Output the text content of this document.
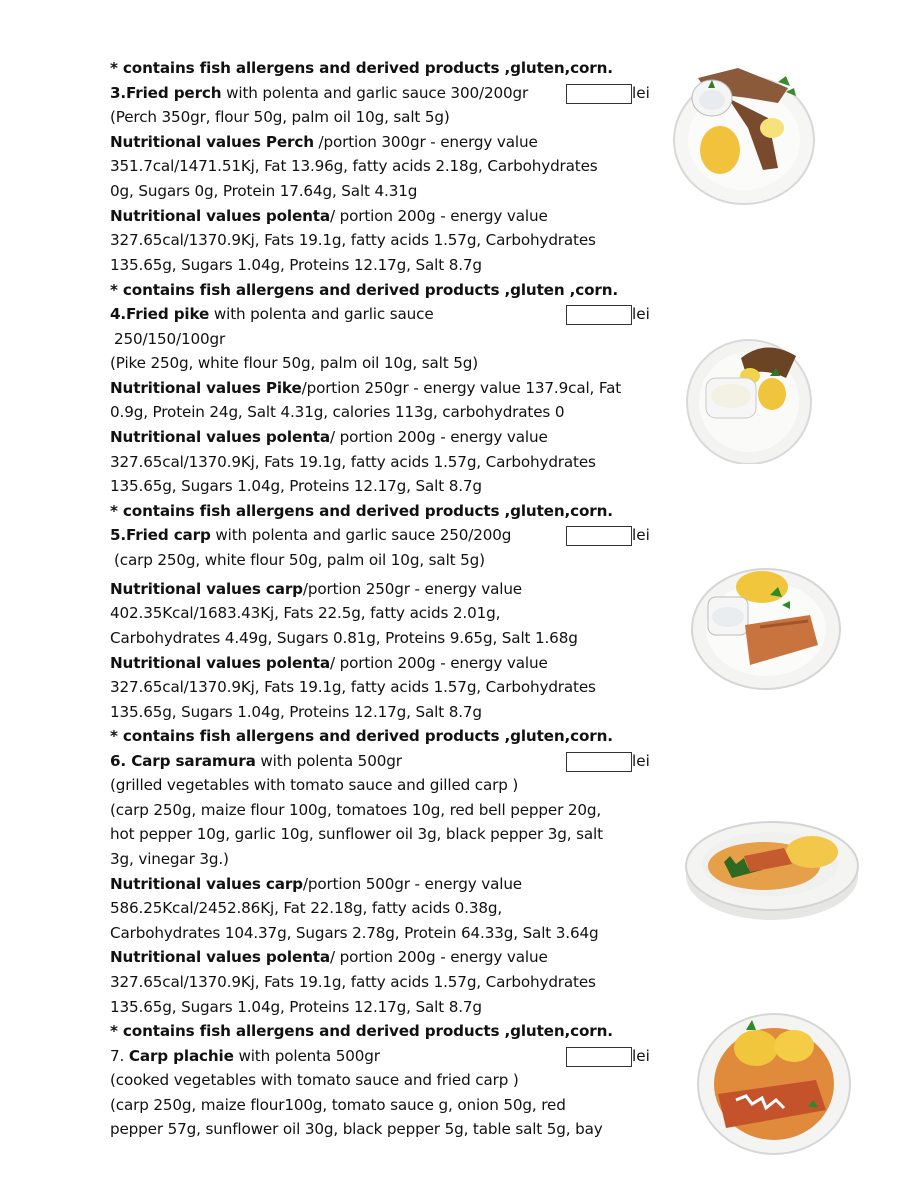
* contains fish allergens and derived products ,gluten,corn.
3.Fried perch with polenta and garlic sauce 300/200gr	lei
(Perch 350gr, flour 50g, palm oil 10g, salt 5g)
Nutritional values Perch /portion 300gr - energy value
351.7cal/1471.51Kj, Fat 13.96g, fatty acids 2.18g, Carbohydrates
0g, Sugars 0g, Protein 17.64g, Salt 4.31g
Nutritional values polenta/ portion 200g - energy value
327.65cal/1370.9Kj, Fats 19.1g, fatty acids 1.57g, Carbohydrates
135.65g, Sugars 1.04g, Proteins 12.17g, Salt 8.7g
* contains fish allergens and derived products ,gluten ,corn.
4.Fried pike with polenta and garlic sauce	lei
250/150/100gr
(Pike 250g, white flour 50g, palm oil 10g, salt 5g)
Nutritional values Pike/portion 250gr - energy value 137.9cal, Fat
0.9g, Protein 24g, Salt 4.31g, calories 113g, carbohydrates 0
Nutritional values polenta/ portion 200g - energy value
327.65cal/1370.9Kj, Fats 19.1g, fatty acids 1.57g, Carbohydrates
135.65g, Sugars 1.04g, Proteins 12.17g, Salt 8.7g
* contains fish allergens and derived products ,gluten,corn.
5.Fried carp with polenta and garlic sauce 250/200g	lei
(carp 250g, white flour 50g, palm oil 10g, salt 5g)
Nutritional values carp/portion 250gr - energy value
402.35Kcal/1683.43Kj, Fats 22.5g, fatty acids 2.01g,
Carbohydrates 4.49g, Sugars 0.81g, Proteins 9.65g, Salt 1.68g
Nutritional values polenta/ portion 200g - energy value
327.65cal/1370.9Kj, Fats 19.1g, fatty acids 1.57g, Carbohydrates
135.65g, Sugars 1.04g, Proteins 12.17g, Salt 8.7g
* contains fish allergens and derived products ,gluten,corn.
6. Carp saramura with polenta 500gr	lei
(grilled vegetables with tomato sauce and gilled carp )
(carp 250g, maize flour 100g, tomatoes 10g, red bell pepper 20g,
hot pepper 10g, garlic 10g, sunflower oil 3g, black pepper 3g, salt
3g, vinegar 3g.)
Nutritional values carp/portion 500gr - energy value
586.25Kcal/2452.86Kj, Fat 22.18g, fatty acids 0.38g,
Carbohydrates 104.37g, Sugars 2.78g, Protein 64.33g, Salt 3.64g
Nutritional values polenta/ portion 200g - energy value
327.65cal/1370.9Kj, Fats 19.1g, fatty acids 1.57g, Carbohydrates
135.65g, Sugars 1.04g, Proteins 12.17g, Salt 8.7g
* contains fish allergens and derived products ,gluten,corn.
7. Carp plachie with polenta 500gr	lei
(cooked vegetables with tomato sauce and fried carp )
(carp 250g, maize flour100g, tomato sauce g, onion 50g, red
pepper 57g, sunflower oil 30g, black pepper 5g, table salt 5g, bay
